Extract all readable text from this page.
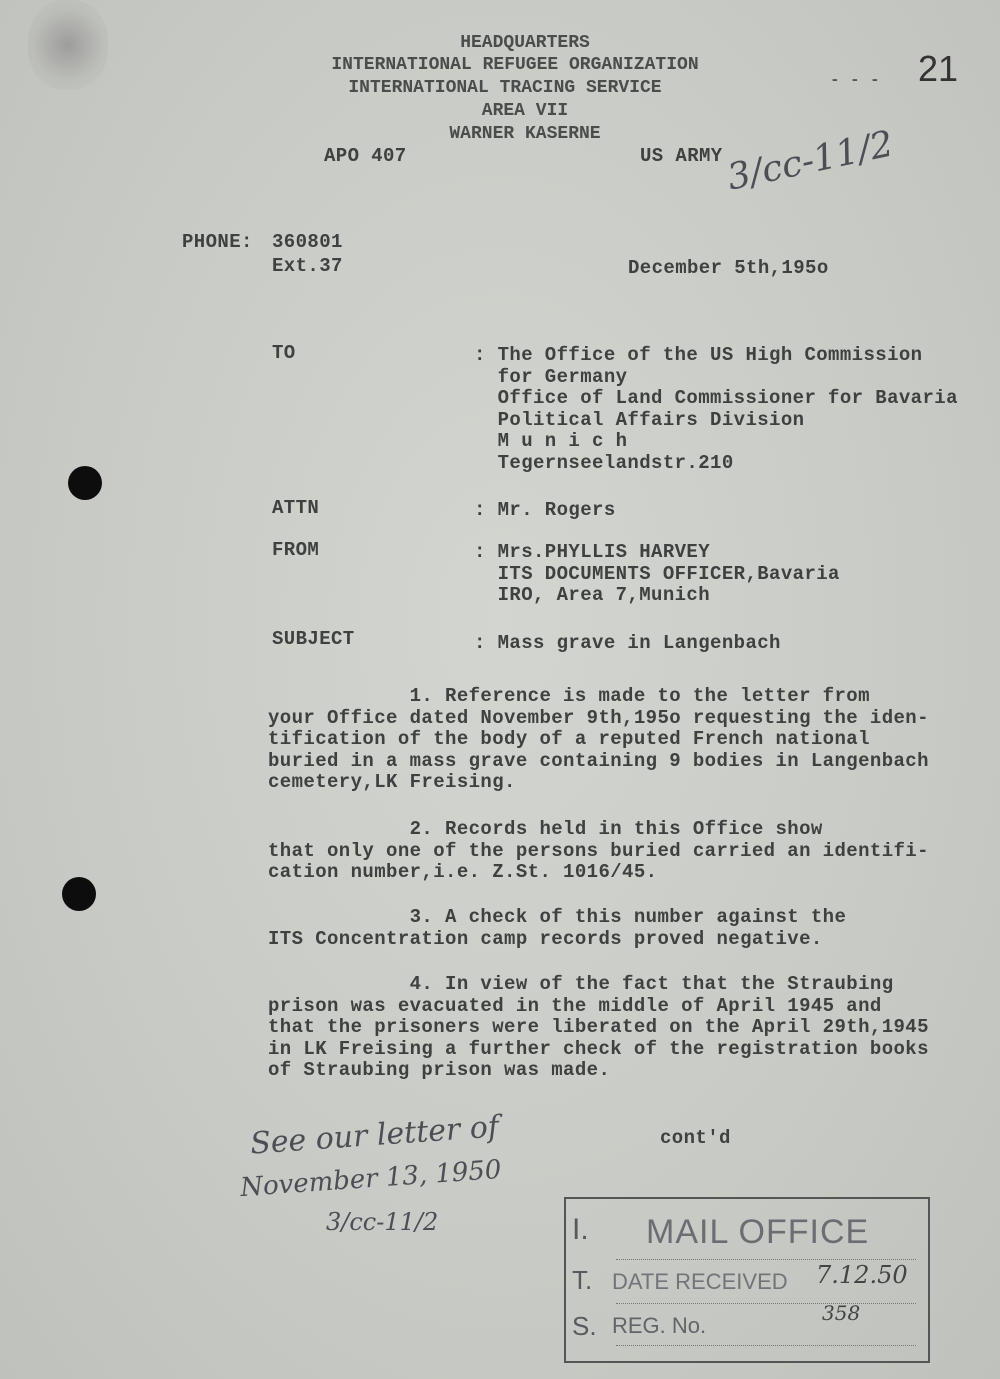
HEADQUARTERS
INTERNATIONAL REFUGEE ORGANIZATION
INTERNATIONAL TRACING SERVICE
AREA VII
WARNER KASERNE
APO 407	US ARMY
- - - 21
3/cc-11/2
PHONE: 360801
Ext.37	December 5th,195o
TO	: The Office of the US High Commission
for Germany
Office of Land Commissioner for Bavaria
Political Affairs Division
M u n i c h
Tegernseelandstr.210
ATTN	: Mr. Rogers
FROM	: Mrs.PHYLLIS HARVEY
ITS DOCUMENTS OFFICER,Bavaria
IRO, Area 7,Munich
SUBJECT	: Mass grave in Langenbach
1. Reference is made to the letter from
your Office dated November 9th,195o requesting the iden-
tification of the body of a reputed French national
buried in a mass grave containing 9 bodies in Langenbach
cemetery,LK Freising.
2. Records held in this Office show
that only one of the persons buried carried an identifi-
cation number,i.e. Z.St. 1016/45.
3. A check of this number against the
ITS Concentration camp records proved negative.
4. In view of the fact that the Straubing
prison was evacuated in the middle of April 1945 and
that the prisoners were liberated on the April 29th,1945
in LK Freising a further check of the registration books
of Straubing prison was made.
cont'd
See our letter of
November 13, 1950
3/cc-11/2	I. MAIL OFFICE
T. DATE RECEIVED 7.12.50
S. REG. No.	358
